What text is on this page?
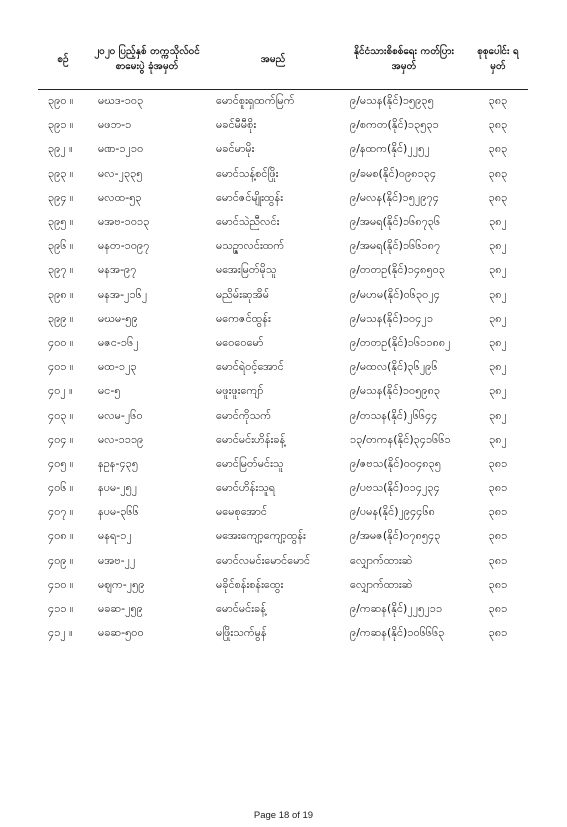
စဉ်	၂၀၂၀ ပြည့်နှစ် တက္ကသိုလ်ဝင် စာမေးပွဲ ခုံအမှတ်	အမည်	နိုင်ငံသားစိစစ်ရေး ကတ်ပြားအမှတ်	စုစုပေါင်း ရမှတ်
၃၉၀ ။	မဃဒ-၁၀၃	မောင်စူးရှထက်မြက်	၉/မသန(နိုင်)၁၅၉၃၅	၃၈၃
၃၉၁ ။	မဖဘ-၁	မခင်မီမီစိုး	၉/စကတ(နိုင်)၁၃၅၃၁	၃၈၃
၃၉၂ ။	မဏ-၁၂၁၀	မခင်မာမိုး	၉/နထက(နိုင်)၂၂၅၂	၃၈၃
၃၉၃ ။	မလ-၂၃၃၅	မောင်သန့်စင်ဖြိုး	၉/ခမစ(နိုင်)၀၉၈၁၃၄	၃၈၃
၃၉၄ ။	မလထ-၅၃	မောင်ဇင်မျိုးထွန်း	၉/မလန(နိုင်)၁၅၂၉၇၄	၃၈၃
၃၉၅ ။	မအဗ-၁၀၁၃	မောင်သဲညီလင်း	၉/အမရ(နိုင်)၁၆၈၇၃၆	၃၈၂
၃၉၆ ။	မနတ-၁၀၉၇	မသဥ္ဇာလင်းထက်	၉/အမရ(နိုင်)၁၆၆၁၈၇	၃၈၂
၃၉၇ ။	မနအ-၉၇	မအေးမြတ်မိုသူ	၉/တတဥ(နိုင်)၁၄၈၅၀၃	၃၈၂
၃၉၈ ။	မနအ-၂၁၆၂	မညိမ်းဆုအိမ်	၉/မဟမ(နိုင်)၀၆၃၀၂၄	၃၈၂
၃၉၉ ။	မဃမ-၅၉	မကေဇင်ထွန်း	၉/မသန(နိုင်)၁၀၄၂၁	၃၈၂
၄၀၀ ။	မဇင-၁၆၂	မဝေဝေမော်	၉/တတဥ(နိုင်)၁၆၁၁၈၈၂	၃၈၂
၄၀၁ ။	မထ-၁၂၃	မောင်ရဲဝင့်အောင်	၉/မထလ(နိုင်)၃၆၂၉၆	၃၈၂
၄၀၂ ။	မင-၅	မဖူးဖူးကျော်	၉/မသန(နိုင်)၁၀၅၉၈၃	၃၈၂
၄၀၃ ။	မလမ-၂၆၀	မောင်ကိုသက်	၉/တသန(နိုင်)၂၆၆၄၄	၃၈၂
၄၀၄ ။	မလ-၁၁၁၉	မောင်မင်းဟိန်းခန့်	၁၃/တကန(နိုင်)၃၄၁၆၆၁	၃၈၂
၄၀၅ ။	နဥန-၄၃၅	မောင်မြတ်မင်းသူ	၉/ဇဗသ(နိုင်)၀၀၄၈၃၅	၃၈၁
၄၀၆ ။	နပမ-၂၅၂	မောင်ဟိန်းသူရ	၉/ပဗသ(နိုင်)၀၁၄၂၃၄	၃၈၁
၄၀၇ ။	နပမ-၃၆၆	မမေစုအောင်	၉/ပမန(နိုင်)၂၉၄၄၆၈	၃၈၁
၄၀၈ ။	မနရ-၁၂	မအေးကျော့ကျော့ထွန်း	၉/အမဇ(နိုင်)၀၇၈၅၄၃	၃၈၁
၄၀၉ ။	မအဗ-၂၂	မောင်လမင်းမောင်မောင်	လျှောက်ထားဆဲ	၃၈၁
၄၁၀ ။	မဈက-၂၅၉	မခိုင်စန်းစန်းထွေး	လျှောက်ထားဆဲ	၃၈၁
၄၁၁ ။	မခဆ-၂၅၉	မောင်မင်းခန့်	၉/ကဆန(နိုင်)၂၂၅၂၁၁	၃၈၁
၄၁၂ ။	မခဆ-၅၀၀	မဖြိုးသက်မွန်	၉/ကဆန(နိုင်)၁၀၆၆၆၃	၃၈၁
Page 18 of 19
